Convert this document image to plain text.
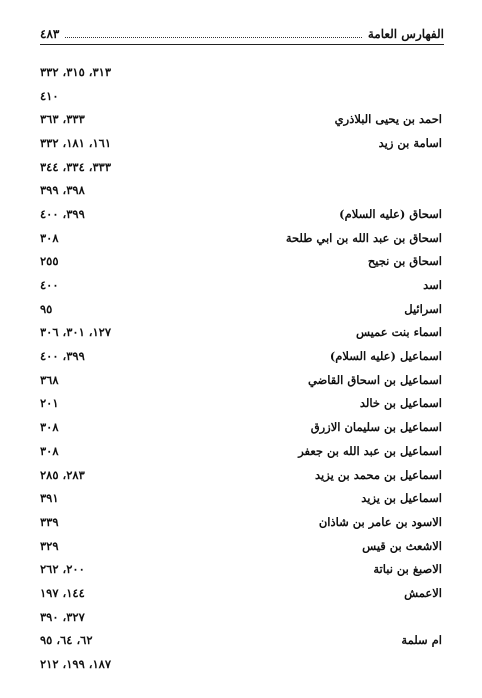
الفهارس العامة
٤٨٣
٣١٣، ٣١٥، ٣٣٢
٤١٠
احمد بن يحيى البلاذري
٣٣٣، ٣٦٣
اسامة بن زيد
١٦١، ١٨١، ٣٣٢
٣٣٣، ٣٣٤، ٣٤٤
٣٩٨، ٣٩٩
اسحاق (عليه السلام)
٣٩٩، ٤٠٠
اسحاق بن عبد الله بن ابي طلحة
٣٠٨
اسحاق بن نجيح
٢٥٥
اسد
٤٠٠
اسرائيل
٩٥
اسماء بنت عميس
١٢٧، ٣٠١، ٣٠٦
اسماعيل (عليه السلام)
٣٩٩، ٤٠٠
اسماعيل بن اسحاق القاضي
٣٦٨
اسماعيل بن خالد
٢٠١
اسماعيل بن سليمان الازرق
٣٠٨
اسماعيل بن عبد الله بن جعفر
٣٠٨
اسماعيل بن محمد بن يزيد
٢٨٣، ٢٨٥
اسماعيل بن يزيد
٣٩١
الاسود بن عامر بن شاذان
٣٣٩
الاشعث بن قيس
٣٢٩
الاصبغ بن نباتة
٢٠٠، ٢٦٢
الاعمش
١٤٤، ١٩٧
٣٢٧، ٣٩٠
ام سلمة
٦٢، ٦٤، ٩٥
١٨٧، ١٩٩، ٢١٢
